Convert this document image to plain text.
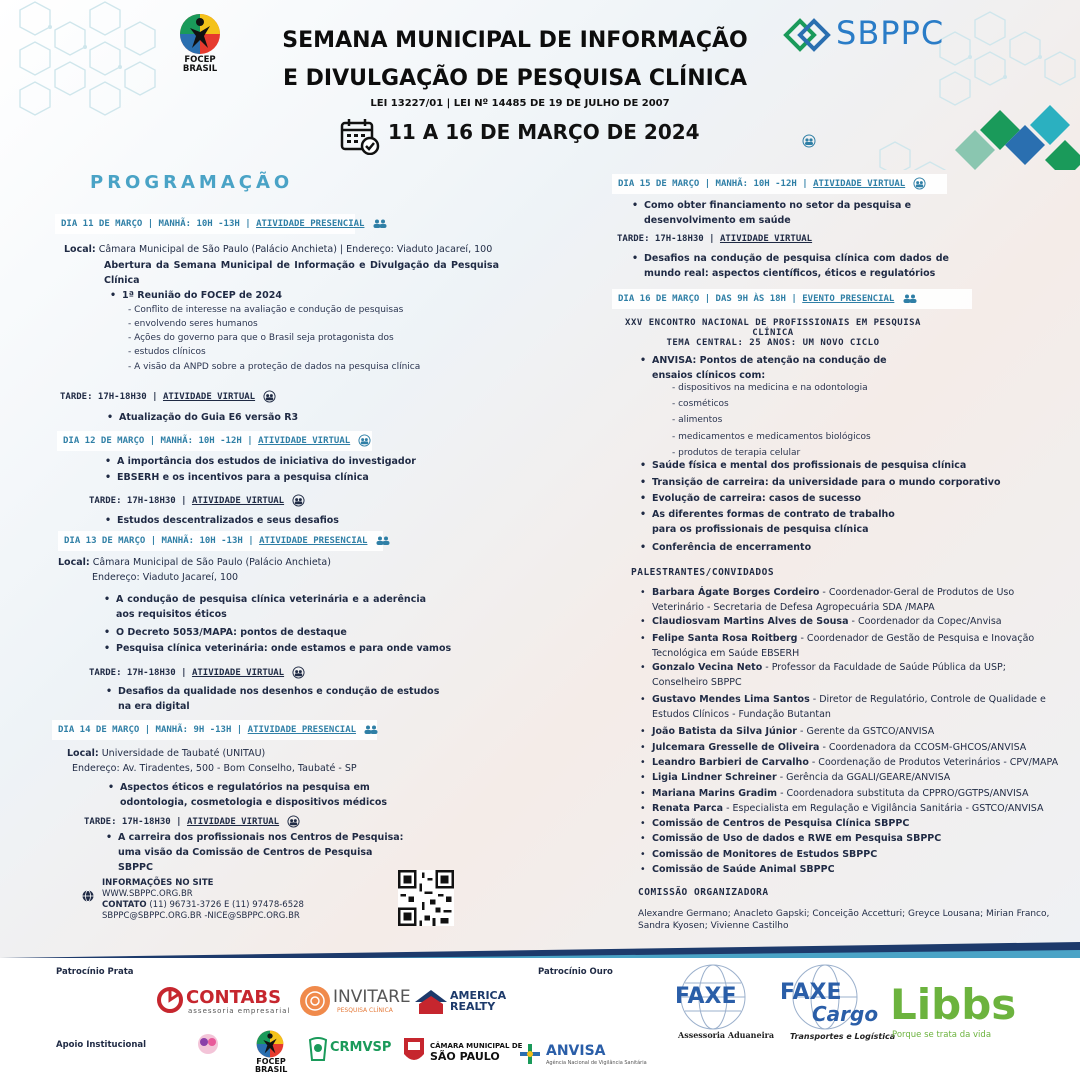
FOCEP
BRASIL
SEMANA MUNICIPAL DE INFORMAÇÃO
E DIVULGAÇÃO DE PESQUISA CLÍNICA
LEI 13227/01 | LEI Nº 14485 DE 19 DE JULHO DE 2007
11 A 16 DE MARÇO DE 2024
SBPPC
PROGRAMAÇÃO
DIA 11 DE MARÇO | MANHÃ: 10H -13H | ATIVIDADE PRESENCIAL
Local: Câmara Municipal de São Paulo (Palácio Anchieta) | Endereço: Viaduto Jacareí, 100
Abertura da Semana Municipal de Informação e Divulgação da Pesquisa Clínica
• 1ª Reunião do FOCEP de 2024
- Conflito de interesse na avaliação e condução de pesquisas
- envolvendo seres humanos
- Ações do governo para que o Brasil seja protagonista dos
- estudos clínicos
- A visão da ANPD sobre a proteção de dados na pesquisa clínica
TARDE: 17H-18H30 | ATIVIDADE VIRTUAL
• Atualização do Guia E6 versão R3
DIA 12 DE MARÇO | MANHÃ: 10H -12H | ATIVIDADE VIRTUAL
• A importância dos estudos de iniciativa do investigador
• EBSERH e os incentivos para a pesquisa clínica
TARDE: 17H-18H30 | ATIVIDADE VIRTUAL
• Estudos descentralizados e seus desafios
DIA 13 DE MARÇO | MANHÃ: 10H -13H | ATIVIDADE PRESENCIAL
Local: Câmara Municipal de São Paulo (Palácio Anchieta)
Endereço: Viaduto Jacareí, 100
• A condução de pesquisa clínica veterinária e a aderência aos requisitos éticos
• O Decreto 5053/MAPA: pontos de destaque
• Pesquisa clínica veterinária: onde estamos e para onde vamos
TARDE: 17H-18H30 | ATIVIDADE VIRTUAL
• Desafios da qualidade nos desenhos e condução de estudos na era digital
DIA 14 DE MARÇO | MANHÃ: 9H -13H | ATIVIDADE PRESENCIAL
Local: Universidade de Taubaté (UNITAU)
Endereço: Av. Tiradentes, 500 - Bom Conselho, Taubaté - SP
• Aspectos éticos e regulatórios na pesquisa em odontologia, cosmetologia e dispositivos médicos
TARDE: 17H-18H30 | ATIVIDADE VIRTUAL
• A carreira dos profissionais nos Centros de Pesquisa: uma visão da Comissão de Centros de Pesquisa SBPPC
INFORMAÇÕES NO SITE
WWW.SBPPC.ORG.BR
CONTATO (11) 96731-3726 E (11) 97478-6528
SBPPC@SBPPC.ORG.BR -NICE@SBPPC.ORG.BR
DIA 15 DE MARÇO | MANHÃ: 10H -12H | ATIVIDADE VIRTUAL
• Como obter financiamento no setor da pesquisa e desenvolvimento em saúde
TARDE: 17H-18H30 | ATIVIDADE VIRTUAL
• Desafios na condução de pesquisa clínica com dados de mundo real: aspectos científicos, éticos e regulatórios
DIA 16 DE MARÇO | DAS 9H ÀS 18H | EVENTO PRESENCIAL
XXV ENCONTRO NACIONAL DE PROFISSIONAIS EM PESQUISA CLÍNICA
TEMA CENTRAL: 25 ANOS: UM NOVO CICLO
• ANVISA: Pontos de atenção na condução de ensaios clínicos com:
- dispositivos na medicina e na odontologia
- cosméticos
- alimentos
- medicamentos e medicamentos biológicos
- produtos de terapia celular
• Saúde física e mental dos profissionais de pesquisa clínica
• Transição de carreira: da universidade para o mundo corporativo
• Evolução de carreira: casos de sucesso
• As diferentes formas de contrato de trabalho para os profissionais de pesquisa clínica
• Conferência de encerramento
PALESTRANTES/CONVIDADOS
• Barbara Ágate Borges Cordeiro - Coordenador-Geral de Produtos de Uso Veterinário - Secretaria de Defesa Agropecuária SDA /MAPA
• Claudiosvam Martins Alves de Sousa - Coordenador da Copec/Anvisa
• Felipe Santa Rosa Roitberg - Coordenador de Gestão de Pesquisa e Inovação Tecnológica em Saúde EBSERH
• Gonzalo Vecina Neto - Professor da Faculdade de Saúde Pública da USP; Conselheiro SBPPC
• Gustavo Mendes Lima Santos - Diretor de Regulatório, Controle de Qualidade e Estudos Clínicos - Fundação Butantan
• João Batista da Silva Júnior - Gerente da GSTCO/ANVISA
• Julcemara Gresselle de Oliveira - Coordenadora da CCOSM-GHCOS/ANVISA
• Leandro Barbieri de Carvalho - Coordenação de Produtos Veterinários - CPV/MAPA
• Ligia Lindner Schreiner - Gerência da GGALI/GEARE/ANVISA
• Mariana Marins Gradim - Coordenadora substituta da CPPRO/GGTPS/ANVISA
• Renata Parca - Especialista em Regulação e Vigilância Sanitária - GSTCO/ANVISA
• Comissão de Centros de Pesquisa Clínica SBPPC
• Comissão de Uso de dados e RWE em Pesquisa SBPPC
• Comissão de Monitores de Estudos SBPPC
• Comissão de Saúde Animal SBPPC
COMISSÃO ORGANIZADORA
Alexandre Germano; Anacleto Gapski; Conceição Accetturi; Greyce Lousana; Mirian Franco, Sandra Kyosen; Vivienne Castilho
Patrocínio Prata	Patrocínio Ouro
Apoio Institucional
CONTABS
assessoria empresarial
INVITARE
PESQUISA CLÍNICA
AMERICA
REALTY	FAXE
Assessoria Aduaneira
FAXE
Cargo
Transportes e Logística
Libbs
Porque se trata da vida
FOCEP
BRASIL
CRMVSP	CÂMARA MUNICIPAL DE
SÃO PAULO	ANVISA
Agência Nacional de Vigilância Sanitária
